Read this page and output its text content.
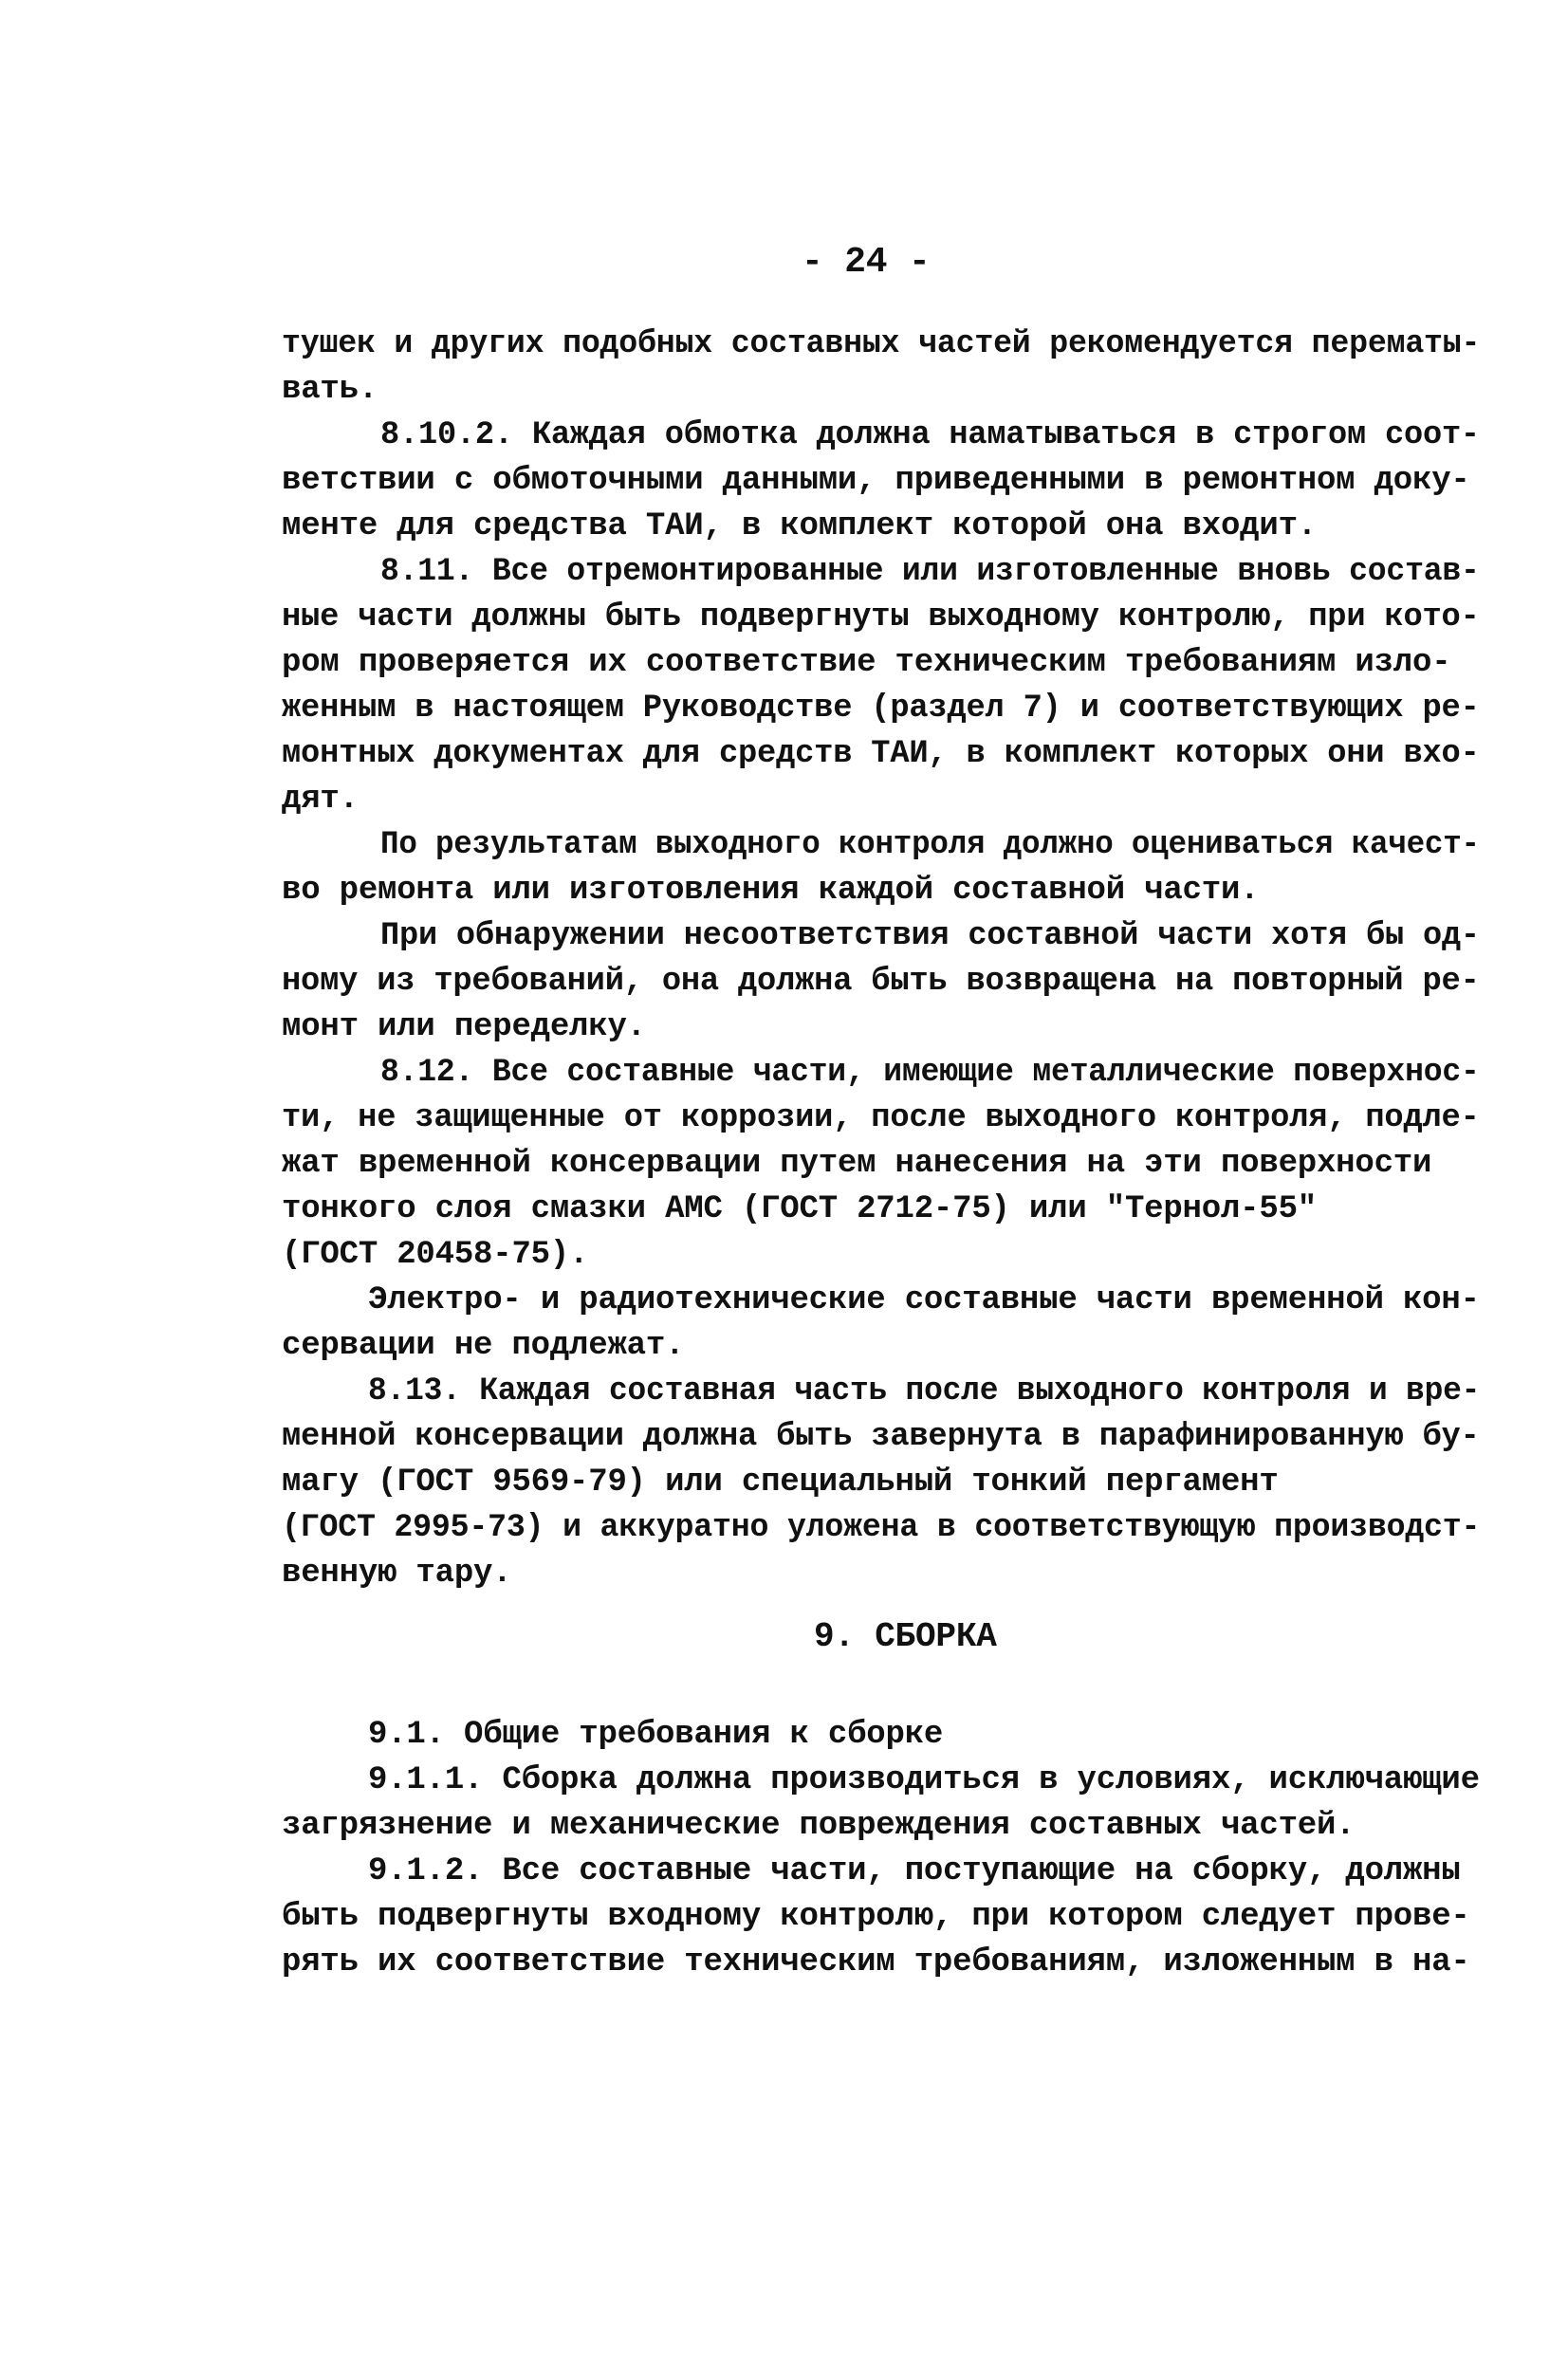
- 24 -
тушек и других подобных составных частей рекомендуется перематы-
вать.
8.10.2. Каждая обмотка должна наматываться в строгом соот-
ветствии с обмоточными данными, приведенными в ремонтном доку-
менте для средства ТАИ, в комплект которой она входит.
8.11. Все отремонтированные или изготовленные вновь состав-
ные части должны быть подвергнуты выходному контролю, при кото-
ром проверяется их соответствие техническим требованиям изло-
женным в настоящем Руководстве (раздел 7) и соответствующих ре-
монтных документах для средств ТАИ, в комплект которых они вхо-
дят.
По результатам выходного контроля должно оцениваться качест-
во ремонта или изготовления каждой составной части.
При обнаружении несоответствия составной части хотя бы од-
ному из требований, она должна быть возвращена на повторный ре-
монт или переделку.
8.12. Все составные части, имеющие металлические поверхнос-
ти, не защищенные от коррозии, после выходного контроля, подле-
жат временной консервации путем нанесения на эти поверхности
тонкого слоя смазки АМС (ГОСТ 2712-75) или "Тернол-55"
(ГОСТ 20458-75).
Электро- и радиотехнические составные части временной кон-
сервации не подлежат.
8.13. Каждая составная часть после выходного контроля и вре-
менной консервации должна быть завернута в парафинированную бу-
магу (ГОСТ 9569-79) или специальный тонкий пергамент
(ГОСТ 2995-73) и аккуратно уложена в соответствующую производст-
венную тару.
9. СБОРКА
9.1. Общие требования к сборке
9.1.1. Сборка должна производиться в условиях, исключающие
загрязнение и механические повреждения составных частей.
9.1.2. Все составные части, поступающие на сборку, должны
быть подвергнуты входному контролю, при котором следует прове-
рять их соответствие техническим требованиям, изложенным в на-
